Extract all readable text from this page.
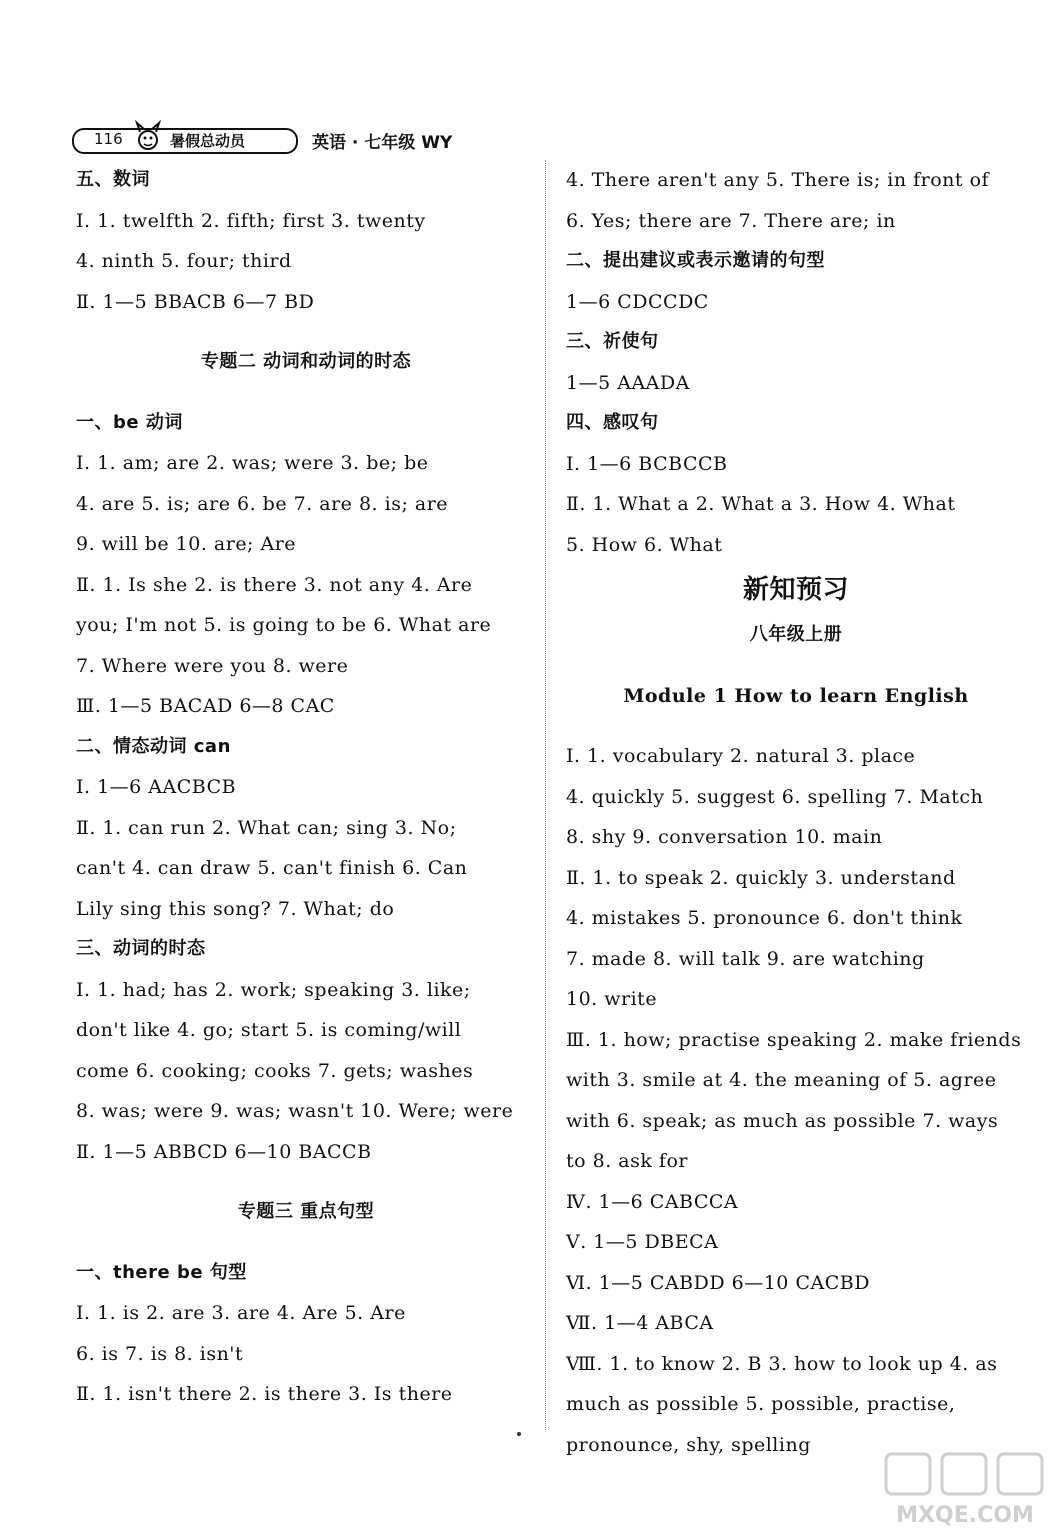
116	暑假总动员	英语 · 七年级 WY
五、数词
Ⅰ. 1. twelfth 2. fifth; first 3. twenty
4. ninth 5. four; third
Ⅱ. 1—5 BBACB 6—7 BD
专题二 动词和动词的时态
一、be 动词
Ⅰ. 1. am; are 2. was; were 3. be; be
4. are 5. is; are 6. be 7. are 8. is; are
9. will be 10. are; Are
Ⅱ. 1. Is she 2. is there 3. not any 4. Are
you; I'm not 5. is going to be 6. What are
7. Where were you 8. were
Ⅲ. 1—5 BACAD 6—8 CAC
二、情态动词 can
Ⅰ. 1—6 AACBCB
Ⅱ. 1. can run 2. What can; sing 3. No;
can't 4. can draw 5. can't finish 6. Can
Lily sing this song? 7. What; do
三、动词的时态
Ⅰ. 1. had; has 2. work; speaking 3. like;
don't like 4. go; start 5. is coming/will
come 6. cooking; cooks 7. gets; washes
8. was; were 9. was; wasn't 10. Were; were
Ⅱ. 1—5 ABBCD 6—10 BACCB
专题三 重点句型
一、there be 句型
Ⅰ. 1. is 2. are 3. are 4. Are 5. Are
6. is 7. is 8. isn't
Ⅱ. 1. isn't there 2. is there 3. Is there
4. There aren't any 5. There is; in front of
6. Yes; there are 7. There are; in
二、提出建议或表示邀请的句型
1—6 CDCCDC
三、祈使句
1—5 AAADA
四、感叹句
Ⅰ. 1—6 BCBCCB
Ⅱ. 1. What a 2. What a 3. How 4. What
5. How 6. What
新知预习
八年级上册
Module 1 How to learn English
Ⅰ. 1. vocabulary 2. natural 3. place
4. quickly 5. suggest 6. spelling 7. Match
8. shy 9. conversation 10. main
Ⅱ. 1. to speak 2. quickly 3. understand
4. mistakes 5. pronounce 6. don't think
7. made 8. will talk 9. are watching
10. write
Ⅲ. 1. how; practise speaking 2. make friends
with 3. smile at 4. the meaning of 5. agree
with 6. speak; as much as possible 7. ways
to 8. ask for
Ⅳ. 1—6 CABCCA
Ⅴ. 1—5 DBECA
Ⅵ. 1—5 CABDD 6—10 CACBD
Ⅶ. 1—4 ABCA
Ⅷ. 1. to know 2. B 3. how to look up 4. as
much as possible 5. possible, practise,
pronounce, shy, spelling
MXQE.COM
